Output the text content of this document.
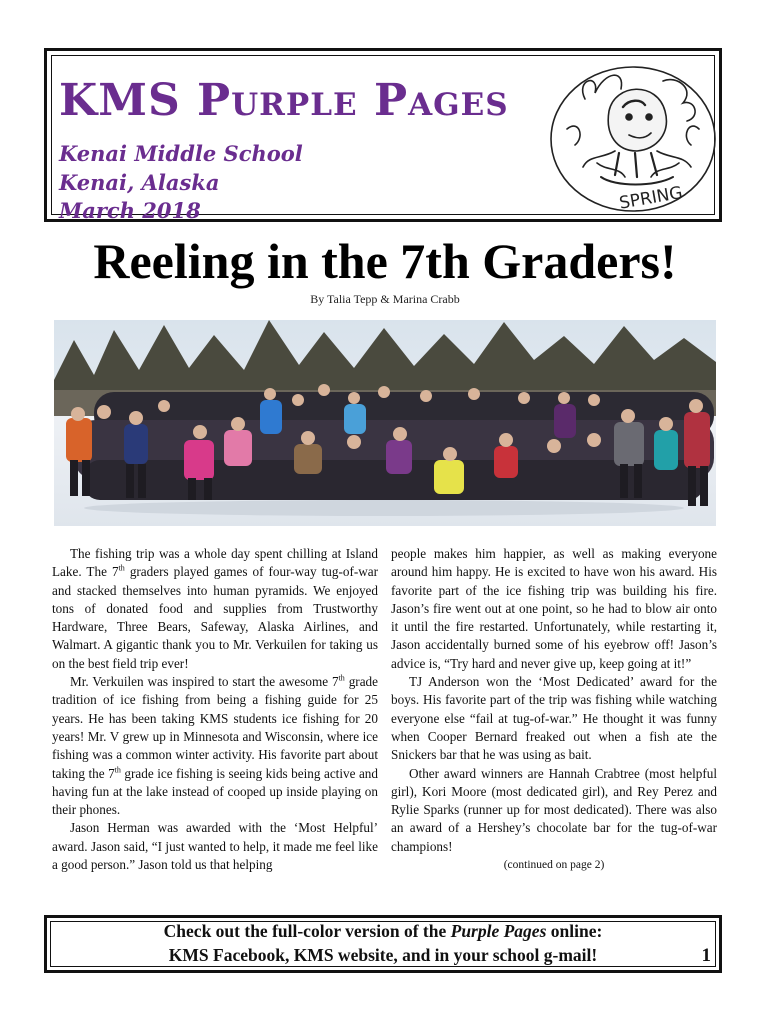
KMS Purple Pages

Kenai Middle School

Kenai, Alaska

March 2018	SPRING
Reeling in the 7th Graders!
By Talia Tepp & Marina Crabb

The fishing trip was a whole day spent chilling at Island Lake. The 7th graders played games of four-way tug-of-war and stacked themselves into human pyramids. We enjoyed tons of donated food and supplies from Trustworthy Hardware, Three Bears, Safeway, Alaska Airlines, and Walmart. A gigantic thank you to Mr. Verkuilen for taking us on the best field trip ever!

Mr. Verkuilen was inspired to start the awesome 7th grade tradition of ice fishing from being a fishing guide for 25 years. He has been taking KMS students ice fishing for 20 years! Mr. V grew up in Minnesota and Wisconsin, where ice fishing was a common winter activity. His favorite part about taking the 7th grade ice fishing is seeing kids being active and having fun at the lake instead of cooped up inside playing on their phones.

Jason Herman was awarded with the ‘Most Helpful’ award. Jason said, “I just wanted to help, it made me feel like a good person.” Jason told us that helping

people makes him happier, as well as making everyone around him happy. He is excited to have won his award. His favorite part of the ice fishing trip was building his fire. Jason’s fire went out at one point, so he had to blow air onto it until the fire restarted. Unfortunately, while restarting it, Jason accidentally burned some of his eyebrow off! Jason’s advice is, “Try hard and never give up, keep going at it!”

TJ Anderson won the ‘Most Dedicated’ award for the boys. His favorite part of the trip was fishing while watching everyone else “fail at tug-of-war.” He thought it was funny when Cooper Bernard freaked out when a fish ate the Snickers bar that he was using as bait.

Other award winners are Hannah Crabtree (most helpful girl), Kori Moore (most dedicated girl), and Rey Perez and Rylie Sparks (runner up for most dedicated). There was also an award of a Hershey’s chocolate bar for the tug-of-war champions!

(continued on page 2)

Check out the full-color version of the Purple Pages online:

KMS Facebook, KMS website, and in your school g-mail!	1
